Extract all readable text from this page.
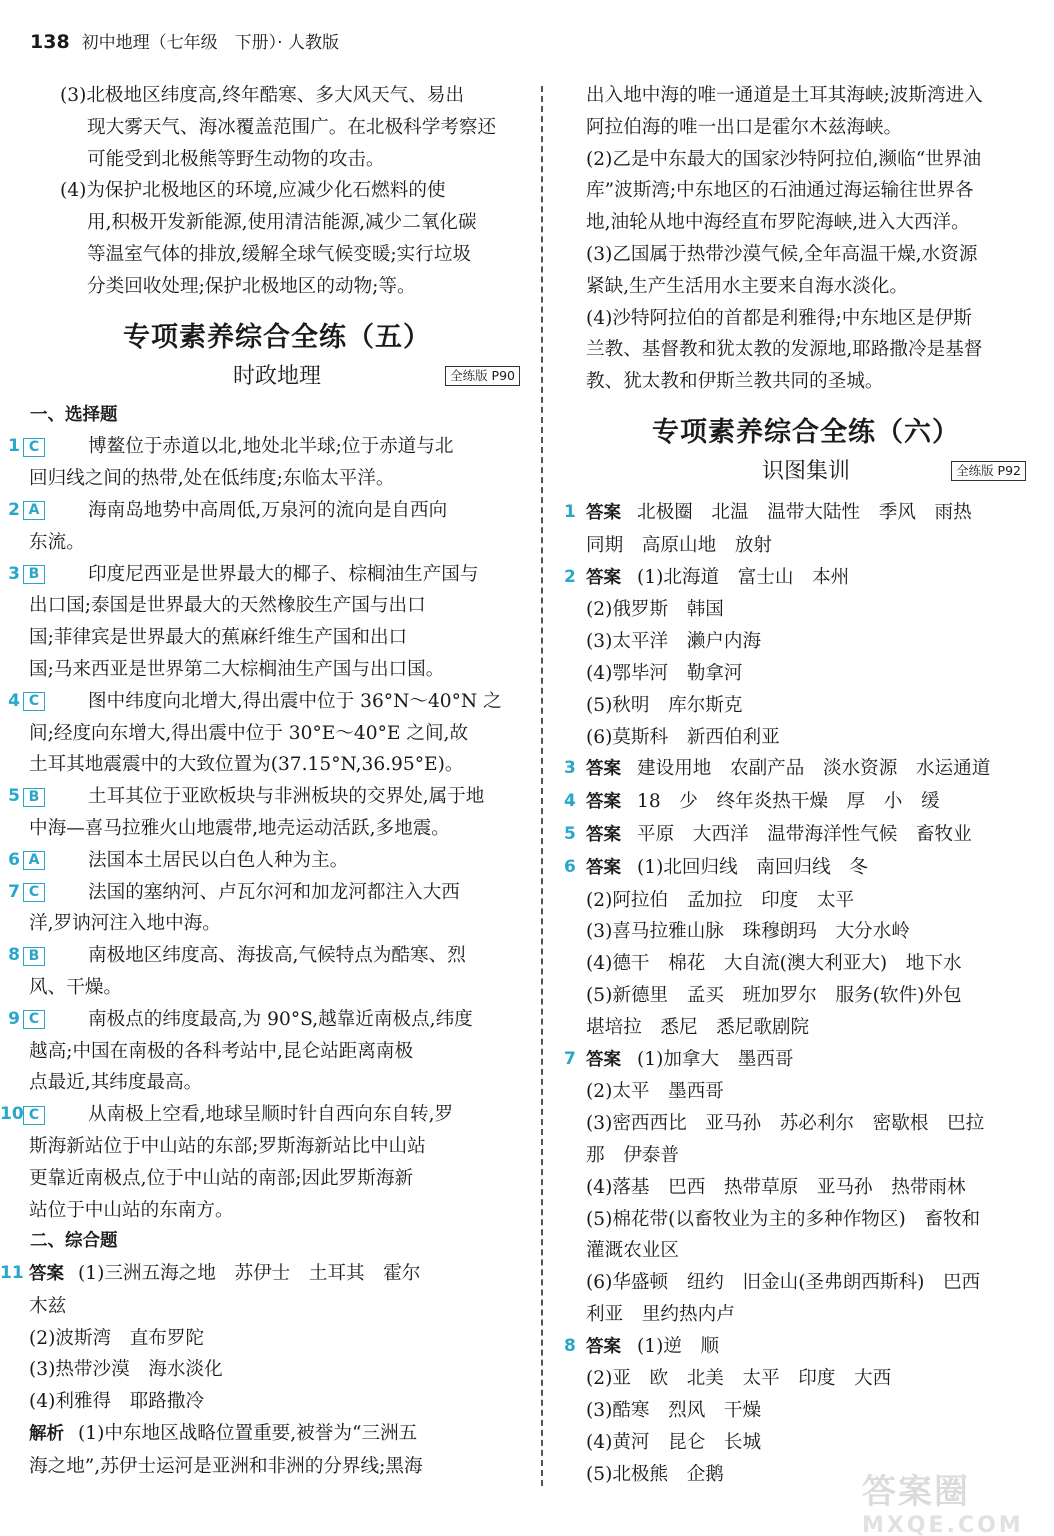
138 初中地理（七年级　下册）· 人教版
(3)北极地区纬度高,终年酷寒、多大风天气、易出
现大雾天气、海冰覆盖范围广。在北极科学考察还
可能受到北极熊等野生动物的攻击。
(4)为保护北极地区的环境,应减少化石燃料的使
用,积极开发新能源,使用清洁能源,减少二氧化碳
等温室气体的排放,缓解全球气候变暖;实行垃圾
分类回收处理;保护北极地区的动物;等。
专项素养综合全练（五）
时政地理	全练版 P90
一、选择题
1 C	博鳌位于赤道以北,地处北半球;位于赤道与北
回归线之间的热带,处在低纬度;东临太平洋。
2 A	海南岛地势中高周低,万泉河的流向是自西向
东流。
3 B	印度尼西亚是世界最大的椰子、棕榈油生产国与
出口国;泰国是世界最大的天然橡胶生产国与出口
国;菲律宾是世界最大的蕉麻纤维生产国和出口
国;马来西亚是世界第二大棕榈油生产国与出口国。
4 C	图中纬度向北增大,得出震中位于 36°N～40°N 之
间;经度向东增大,得出震中位于 30°E～40°E 之间,故
土耳其地震震中的大致位置为(37.15°N,36.95°E)。
5 B	土耳其位于亚欧板块与非洲板块的交界处,属于地
中海—喜马拉雅火山地震带,地壳运动活跃,多地震。
6 A	法国本土居民以白色人种为主。
7 C	法国的塞纳河、卢瓦尔河和加龙河都注入大西
洋,罗讷河注入地中海。
8 B	南极地区纬度高、海拔高,气候特点为酷寒、烈
风、干燥。
9 C	南极点的纬度最高,为 90°S,越靠近南极点,纬度
越高;中国在南极的各科考站中,昆仑站距离南极
点最近,其纬度最高。
10 C	从南极上空看,地球呈顺时针自西向东自转,罗
斯海新站位于中山站的东部;罗斯海新站比中山站
更靠近南极点,位于中山站的南部;因此罗斯海新
站位于中山站的东南方。
二、综合题
11 答案 (1)三洲五海之地　苏伊士　土耳其　霍尔
木兹
(2)波斯湾　直布罗陀
(3)热带沙漠　海水淡化
(4)利雅得　耶路撒冷
解析 (1)中东地区战略位置重要,被誉为“三洲五
海之地”,苏伊士运河是亚洲和非洲的分界线;黑海
出入地中海的唯一通道是土耳其海峡;波斯湾进入
阿拉伯海的唯一出口是霍尔木兹海峡。
(2)乙是中东最大的国家沙特阿拉伯,濒临“世界油
库”波斯湾;中东地区的石油通过海运输往世界各
地,油轮从地中海经直布罗陀海峡,进入大西洋。
(3)乙国属于热带沙漠气候,全年高温干燥,水资源
紧缺,生产生活用水主要来自海水淡化。
(4)沙特阿拉伯的首都是利雅得;中东地区是伊斯
兰教、基督教和犹太教的发源地,耶路撒冷是基督
教、犹太教和伊斯兰教共同的圣城。
专项素养综合全练（六）
识图集训	全练版 P92
1 答案 北极圈　北温　温带大陆性　季风　雨热
同期　高原山地　放射
2 答案 (1)北海道　富士山　本州
(2)俄罗斯　韩国
(3)太平洋　濑户内海
(4)鄂毕河　勒拿河
(5)秋明　库尔斯克
(6)莫斯科　新西伯利亚
3 答案 建设用地　农副产品　淡水资源　水运通道
4 答案 18　少　终年炎热干燥　厚　小　缓
5 答案 平原　大西洋　温带海洋性气候　畜牧业
6 答案 (1)北回归线　南回归线　冬
(2)阿拉伯　孟加拉　印度　太平
(3)喜马拉雅山脉　珠穆朗玛　大分水岭
(4)德干　棉花　大自流(澳大利亚大)　地下水
(5)新德里　孟买　班加罗尔　服务(软件)外包
堪培拉　悉尼　悉尼歌剧院
7 答案 (1)加拿大　墨西哥
(2)太平　墨西哥
(3)密西西比　亚马孙　苏必利尔　密歇根　巴拉
那　伊泰普
(4)落基　巴西　热带草原　亚马孙　热带雨林
(5)棉花带(以畜牧业为主的多种作物区)　畜牧和
灌溉农业区
(6)华盛顿　纽约　旧金山(圣弗朗西斯科)　巴西
利亚　里约热内卢
8 答案 (1)逆　顺
(2)亚　欧　北美　太平　印度　大西
(3)酷寒　烈风　干燥
(4)黄河　昆仑　长城
(5)北极熊　企鹅	答案圈
MXQE.COM
